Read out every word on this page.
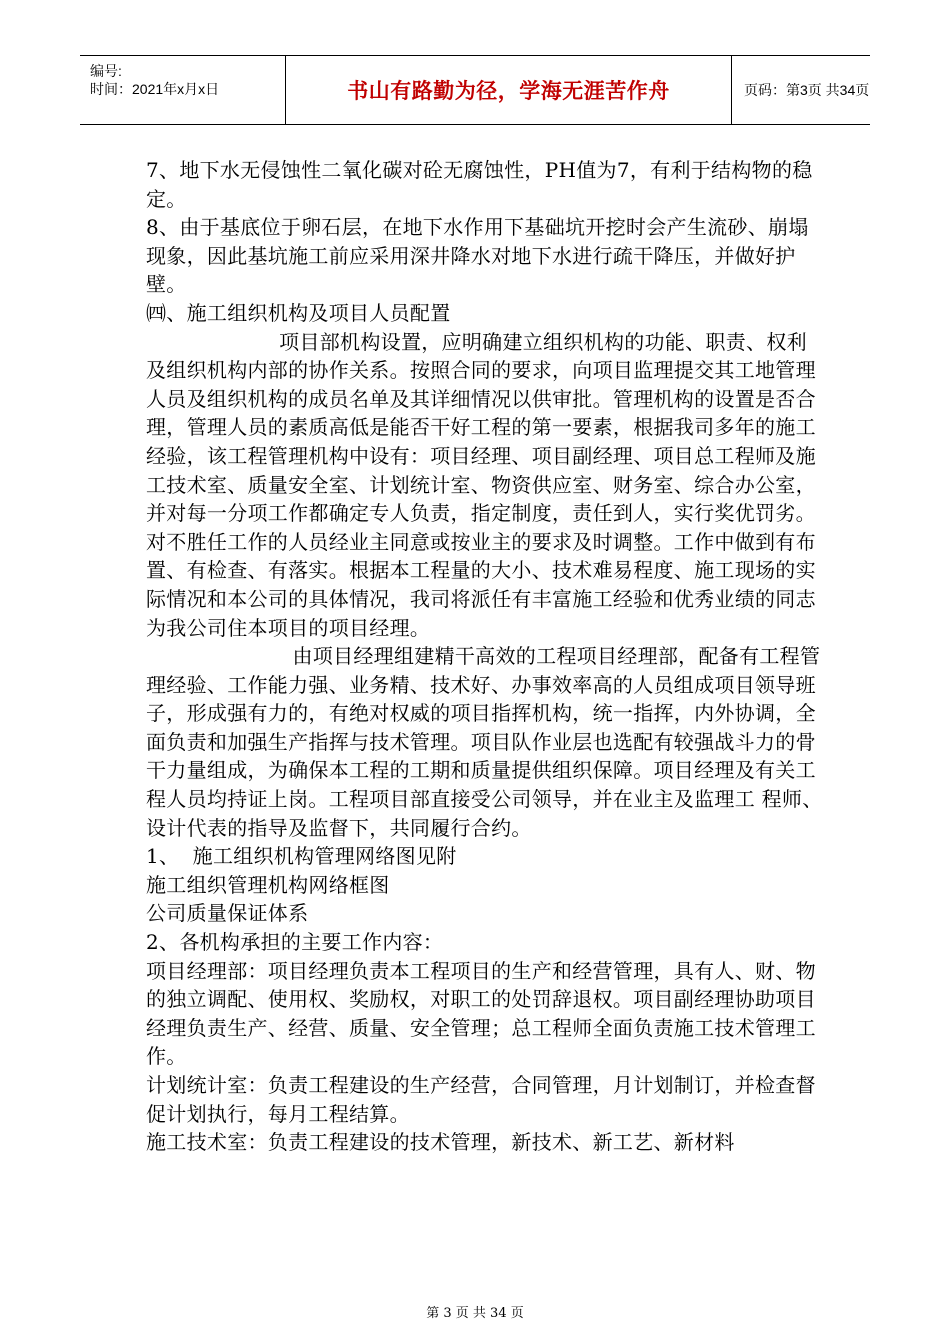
编号:
时间：2021年x月x日	书山有路勤为径，学海无涯苦作舟	页码：第3页 共34页

7、地下水无侵蚀性二氧化碳对砼无腐蚀性，PH值为7，有利于结构物的稳定。

8、由于基底位于卵石层，在地下水作用下基础坑开挖时会产生流砂、崩塌现象，因此基坑施工前应采用深井降水对地下水进行疏干降压，并做好护壁。

㈣、施工组织机构及项目人员配置

项目部机构设置，应明确建立组织机构的功能、职责、权利及组织机构内部的协作关系。按照合同的要求，向项目监理提交其工地管理人员及组织机构的成员名单及其详细情况以供审批。管理机构的设置是否合理，管理人员的素质高低是能否干好工程的第一要素，根据我司多年的施工经验，该工程管理机构中设有：项目经理、项目副经理、项目总工程师及施工技术室、质量安全室、计划统计室、物资供应室、财务室、综合办公室，并对每一分项工作都确定专人负责，指定制度，责任到人，实行奖优罚劣。对不胜任工作的人员经业主同意或按业主的要求及时调整。工作中做到有布置、有检查、有落实。根据本工程量的大小、技术难易程度、施工现场的实际情况和本公司的具体情况，我司将派任有丰富施工经验和优秀业绩的同志为我公司住本项目的项目经理。

由项目经理组建精干高效的工程项目经理部，配备有工程管理经验、工作能力强、业务精、技术好、办事效率高的人员组成项目领导班子，形成强有力的，有绝对权威的项目指挥机构，统一指挥，内外协调，全面负责和加强生产指挥与技术管理。项目队作业层也选配有较强战斗力的骨干力量组成，为确保本工程的工期和质量提供组织保障。项目经理及有关工程人员均持证上岗。工程项目部直接受公司领导，并在业主及监理工 程师、设计代表的指导及监督下，共同履行合约。

1、  施工组织机构管理网络图见附

施工组织管理机构网络框图

公司质量保证体系

2、各机构承担的主要工作内容：

项目经理部：项目经理负责本工程项目的生产和经营管理，具有人、财、物的独立调配、使用权、奖励权，对职工的处罚辞退权。项目副经理协助项目经理负责生产、经营、质量、安全管理；总工程师全面负责施工技术管理工作。

计划统计室：负责工程建设的生产经营，合同管理，月计划制订，并检查督促计划执行，每月工程结算。

施工技术室：负责工程建设的技术管理，新技术、新工艺、新材料

第 3 页 共 34 页
